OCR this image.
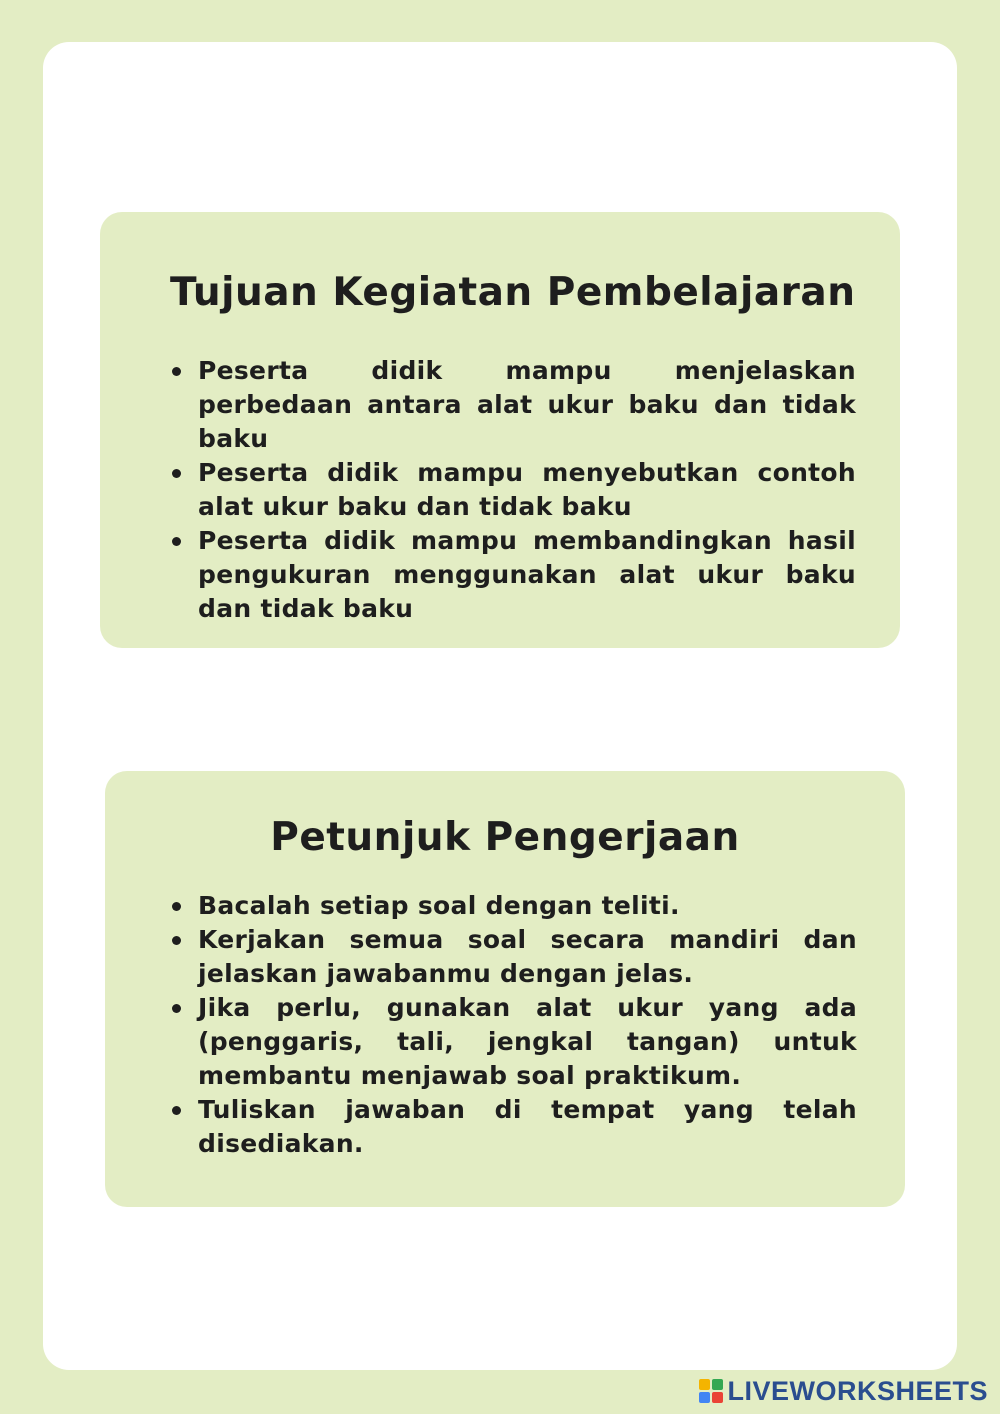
Tujuan Kegiatan Pembelajaran
Peserta didik mampu menjelaskan perbedaan antara alat ukur baku dan tidak baku
Peserta didik mampu menyebutkan contoh alat ukur baku dan tidak baku
Peserta didik mampu membandingkan hasil pengukuran menggunakan alat ukur baku dan tidak baku
Petunjuk Pengerjaan
Bacalah setiap soal dengan teliti.
Kerjakan semua soal secara mandiri dan jelaskan jawabanmu dengan jelas.
Jika perlu, gunakan alat ukur yang ada (penggaris, tali, jengkal tangan) untuk membantu menjawab soal praktikum.
Tuliskan jawaban di tempat yang telah disediakan.
LIVEWORKSHEETS
